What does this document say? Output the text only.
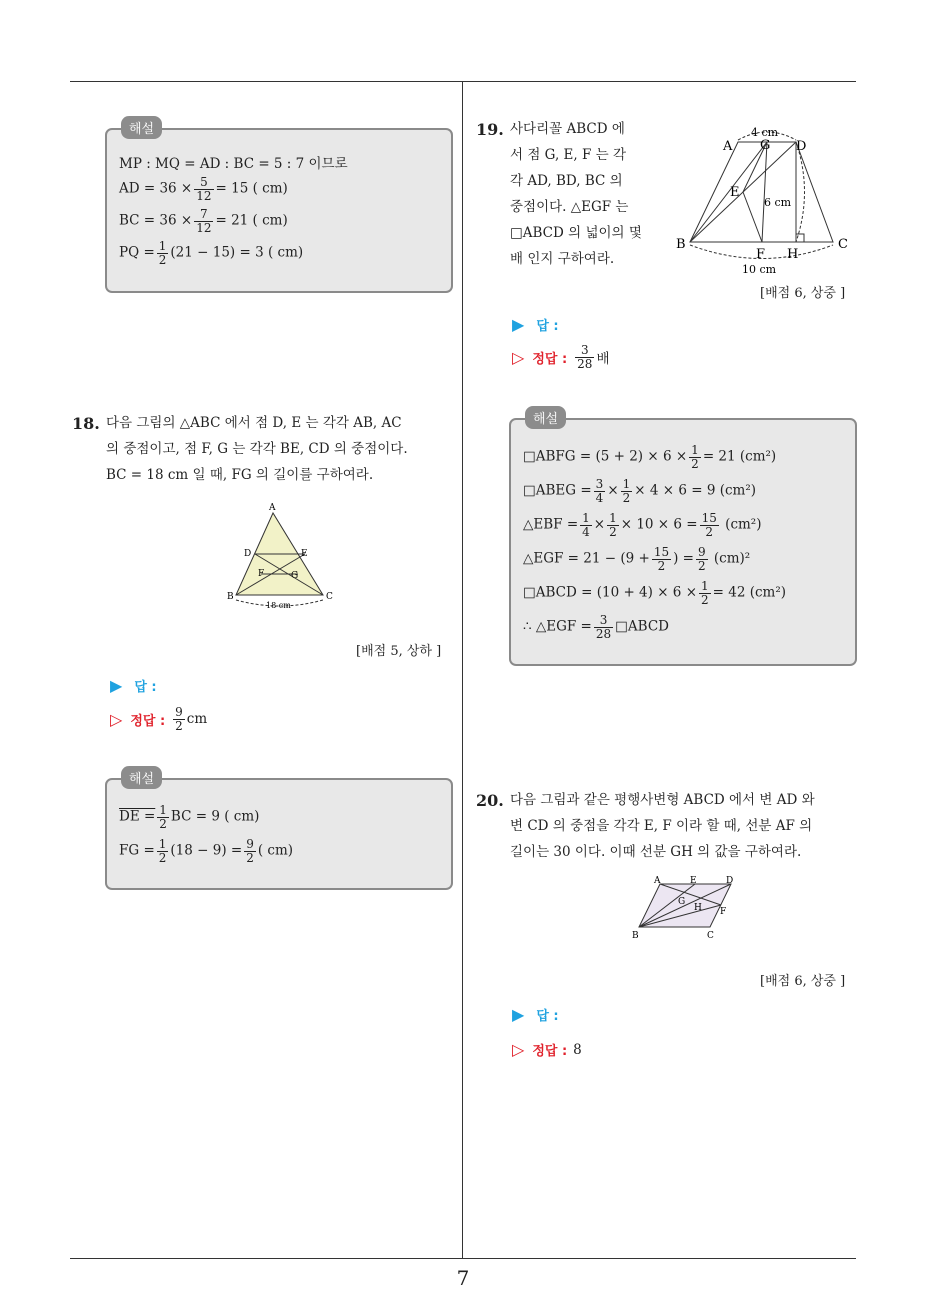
7
해설
MP : MQ = AD : BC = 5 : 7 이므로
AD = $36 \times \frac{5}{12} = 15$ ( cm)
BC = $36 \times \frac{7}{12} = 21$ ( cm)
PQ = $\frac{1}{2} (21 - 15) = 3$ ( cm)
18. 다음 그림의 △ABC 에서 점 D, E 는 각각 AB, AC
의 중점이고, 점 F, G 는 각각 BE, CD 의 중점이다.
BC = 18 cm 일 때, FG 의 길이를 구하여라.
A
B	C
D	E
F	G
18 cm
[배점 5, 상하 ]
▶ 답 :
▷ 정답 :
9
2 cm
해설
DE = $\frac{1}{2}$ BC = 9 ( cm)
FG = $\frac{1}{2} (18 - 9) = \frac{9}{2}$ ( cm)
19. 사다리꼴 ABCD 에
서 점 G, E, F 는 각
각 AD, BD, BC 의
중점이다. △EGF 는
□ABCD 의 넓이의 몇
배 인지 구하여라.
A	D
G
E
B	C
F H
4 cm
6 cm
10 cm
[배점 6, 상중 ]
▶ 답 :
▷ 정답 :
3
28 배
해설
□ABFG = $(5 + 2) \times 6 \times \frac{1}{2} = 21$ (cm²)
□ABEG = $\frac{3}{4} \times \frac{1}{2} \times 4 \times 6 = 9$ (cm²)
△EBF = $\frac{1}{4} \times \frac{1}{2} \times 10 \times 6 = \frac{15}{2} (cm^2)$
△EGF = $21 - (9 + \frac{15}{2}$ ) = $\frac{9}{2} (cm)^2$
□ABCD = $(10 + 4) \times 6 \times \frac{1}{2} = 42$ (cm²)
∴ △EGF = $\frac{3}{28}$ □ABCD
20. 다음 그림과 같은 평행사변형 ABCD 에서 변 AD 와
변 CD 의 중점을 각각 E, F 이라 할 때, 선분 AF 의
길이는 30 이다. 이때 선분 GH 의 값을 구하여라.
A	E	D
G
H F
B	C
[배점 6, 상중 ]
▶ 답 :
▷ 정답 : 8
